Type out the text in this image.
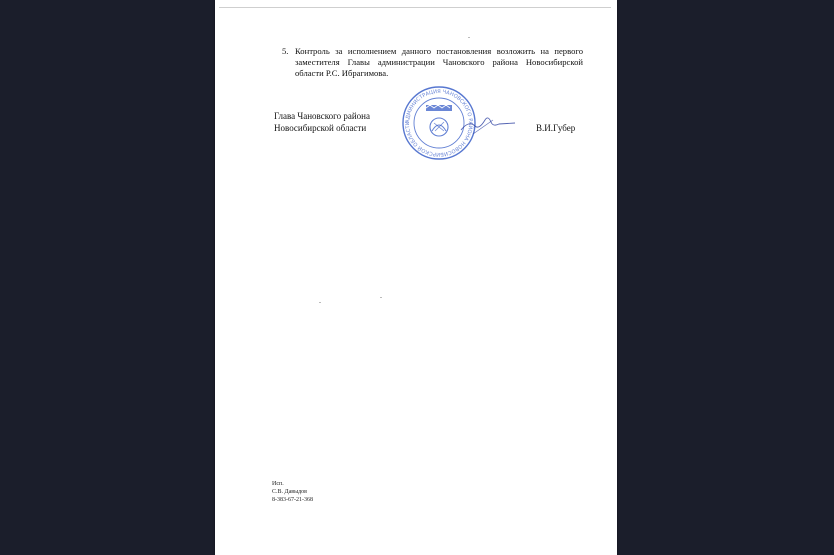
5. Контроль за исполнением данного постановления возложить на первого заместителя Главы администрации Чановского района Новосибирской области Р.С. Ибрагимова.
Глава Чановского района
Новосибирской области
АДМИНИСТРАЦИЯ ЧАНОВСКОГО РАЙОНА НОВОСИБИРСКОЙ ОБЛАСТИ	В.И.Губер
Исп.
С.В. Давыдов
8-383-67-21-368
